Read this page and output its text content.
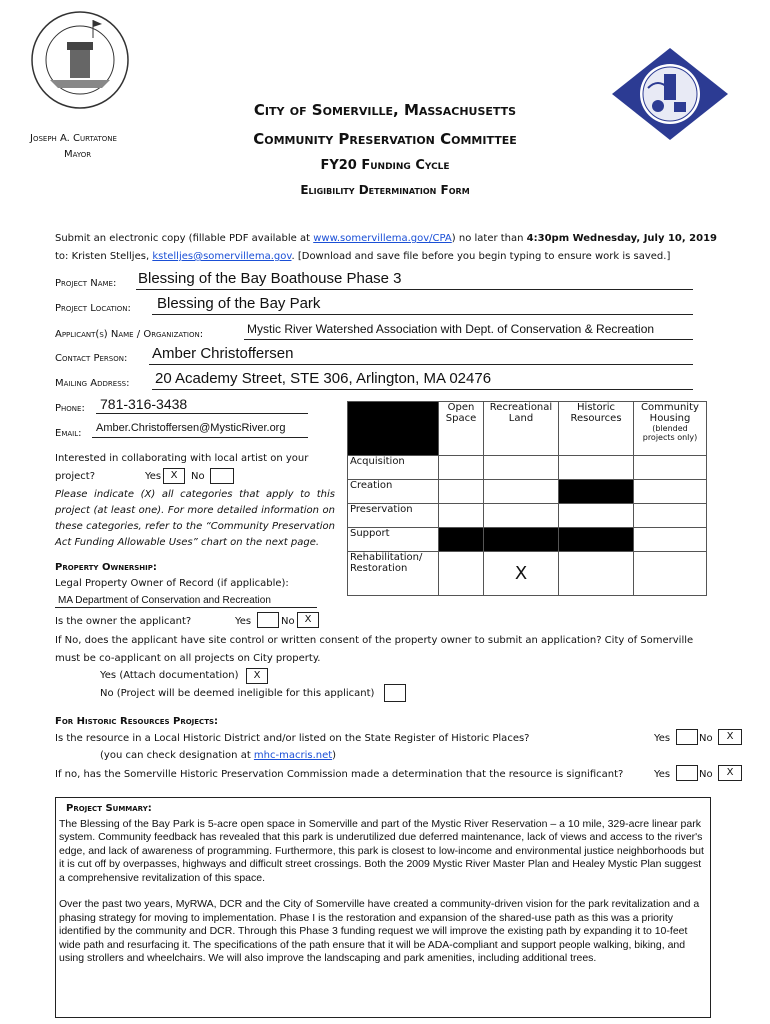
Joseph A. Curtatone
Mayor
City of Somerville, Massachusetts
Community Preservation Committee
FY20 Funding Cycle
Eligibility Determination Form
Submit an electronic copy (fillable PDF available at www.somervillema.gov/CPA) no later than 4:30pm Wednesday, July 10, 2019
to: Kristen Stelljes, kstelljes@somervillema.gov. [Download and save file before you begin typing to ensure work is saved.]
Project Name: Blessing of the Bay Boathouse Phase 3
Project Location: Blessing of the Bay Park
Applicant(s) Name / Organization:	Mystic River Watershed Association with Dept. of Conservation & Recreation
Contact Person: Amber Christoffersen
Mailing Address: 20 Academy Street, STE 306, Arlington, MA 02476
Phone: 781-316-3438
Email: Amber.Christoffersen@MysticRiver.org
Interested in collaborating with local artist on your
project?	Yes X	No
Please indicate (X) all categories that apply to this project (at least one). For more detailed information on these categories, refer to the “Community Preservation Act Funding Allowable Uses” chart on the next page.
	Open Space	Recreational Land	Historic Resources	Community Housing
(blended projects only)

Acquisition				
Creation				
Preservation				
Support				
Rehabilitation/ Restoration		X		
Property Ownership:
Legal Property Owner of Record (if applicable):
MA Department of Conservation and Recreation
Is the owner the applicant?	Yes	No X
If No, does the applicant have site control or written consent of the property owner to submit an application? City of Somerville must be co-applicant on all projects on City property.
Yes (Attach documentation)	X
No (Project will be deemed ineligible for this applicant)
For Historic Resources Projects:
Is the resource in a Local Historic District and/or listed on the State Register of Historic Places?
(you can check designation at mhc-macris.net)
Yes	No	X
If no, has the Somerville Historic Preservation Commission made a determination that the resource is significant?	Yes	No	X
Project Summary:
The Blessing of the Bay Park is 5-acre open space in Somerville and part of the Mystic River Reservation – a 10 mile, 329-acre linear park system. Community feedback has revealed that this park is underutilized due deferred maintenance, lack of views and access to the river's edge, and lack of awareness of programming. Furthermore, this park is closest to low-income and environmental justice neighborhoods but it is cut off by overpasses, highways and difficult street crossings. Both the 2009 Mystic River Master Plan and Healey Mystic Plan suggest a comprehensive revitalization of this space.
Over the past two years, MyRWA, DCR and the City of Somerville have created a community-driven vision for the park revitalization and a phasing strategy for moving to implementation. Phase I is the restoration and expansion of the shared-use path as this was a priority identified by the community and DCR. Through this Phase 3 funding request we will improve the existing path by expanding it to 10-feet wide path and resurfacing it. The specifications of the path ensure that it will be ADA-compliant and support people walking, biking, and using strollers and wheelchairs. We will also improve the landscaping and park amenities, including additional trees.
